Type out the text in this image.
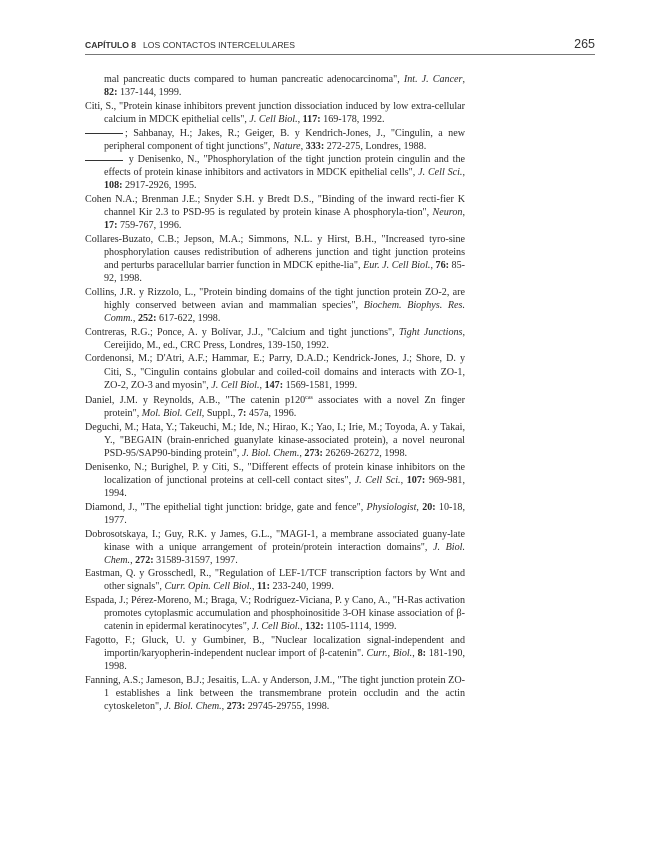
CAPÍTULO 8 LOS CONTACTOS INTERCELULARES	265

mal pancreatic ducts compared to human pancreatic adenocarcinoma", Int. J. Cancer, 82: 137-144, 1999.

Citi, S., "Protein kinase inhibitors prevent junction dissociation induced by low extra-cellular calcium in MDCK epithelial cells", J. Cell Biol., 117: 169-178, 1992.

; Sahbanay, H.; Jakes, R.; Geiger, B. y Kendrich-Jones, J., "Cingulin, a new peripheral component of tight junctions", Nature, 333: 272-275, Londres, 1988.

y Denisenko, N., "Phosphorylation of the tight junction protein cingulin and the effects of protein kinase inhibitors and activators in MDCK epithelial cells", J. Cell Sci., 108: 2917-2926, 1995.

Cohen N.A.; Brenman J.E.; Snyder S.H. y Bredt D.S., "Binding of the inward recti-fier K channel Kir 2.3 to PSD-95 is regulated by protein kinase A phosphoryla-tion", Neuron, 17: 759-767, 1996.

Collares-Buzato, C.B.; Jepson, M.A.; Simmons, N.L. y Hirst, B.H., "Increased tyro-sine phosphorylation causes redistribution of adherens junction and tight junction proteins and perturbs paracellular barrier function in MDCK epithe-lia", Eur. J. Cell Biol., 76: 85-92, 1998.

Collins, J.R. y Rizzolo, L., "Protein binding domains of the tight junction protein ZO-2, are highly conserved between avian and mammalian species", Biochem. Biophys. Res. Comm., 252: 617-622, 1998.

Contreras, R.G.; Ponce, A. y Bolívar, J.J., "Calcium and tight junctions", Tight Junctions, Cereijido, M., ed., CRC Press, Londres, 139-150, 1992.

Cordenonsi, M.; D'Atri, A.F.; Hammar, E.; Parry, D.A.D.; Kendrick-Jones, J.; Shore, D. y Citi, S., "Cingulin contains globular and coiled-coil domains and interacts with ZO-1, ZO-2, ZO-3 and myosin", J. Cell Biol., 147: 1569-1581, 1999.

Daniel, J.M. y Reynolds, A.B., "The catenin $p120^{cas}$ associates with a novel Zn finger protein", Mol. Biol. Cell, Suppl., 7: 457a, 1996.

Deguchi, M.; Hata, Y.; Takeuchi, M.; Ide, N.; Hirao, K.; Yao, I.; Irie, M.; Toyoda, A. y Takai, Y., "BEGAIN (brain-enriched guanylate kinase-associated protein), a novel neuronal PSD-95/SAP90-binding protein", J. Biol. Chem., 273: 26269-26272, 1998.

Denisenko, N.; Burighel, P. y Citi, S., "Different effects of protein kinase inhibitors on the localization of junctional proteins at cell-cell contact sites", J. Cell Sci., 107: 969-981, 1994.

Diamond, J., "The epithelial tight junction: bridge, gate and fence", Physiologist, 20: 10-18, 1977.

Dobrosotskaya, I.; Guy, R.K. y James, G.L., "MAGI-1, a membrane associated guany-late kinase with a unique arrangement of protein/protein interaction domains", J. Biol. Chem., 272: 31589-31597, 1997.

Eastman, Q. y Grosschedl, R., "Regulation of LEF-1/TCF transcription factors by Wnt and other signals", Curr. Opin. Cell Biol., 11: 233-240, 1999.

Espada, J.; Pérez-Moreno, M.; Braga, V.; Rodríguez-Viciana, P. y Cano, A., "H-Ras activation promotes cytoplasmic accumulation and phosphoinositide 3-OH kinase association of β-catenin in epidermal keratinocytes", J. Cell Biol., 132: 1105-1114, 1999.

Fagotto, F.; Gluck, U. y Gumbiner, B., "Nuclear localization signal-independent and importin/karyopherin-independent nuclear import of β-catenin". Curr., Biol., 8: 181-190, 1998.

Fanning, A.S.; Jameson, B.J.; Jesaitis, L.A. y Anderson, J.M., "The tight junction protein ZO-1 establishes a link between the transmembrane protein occludin and the actin cytoskeleton", J. Biol. Chem., 273: 29745-29755, 1998.
